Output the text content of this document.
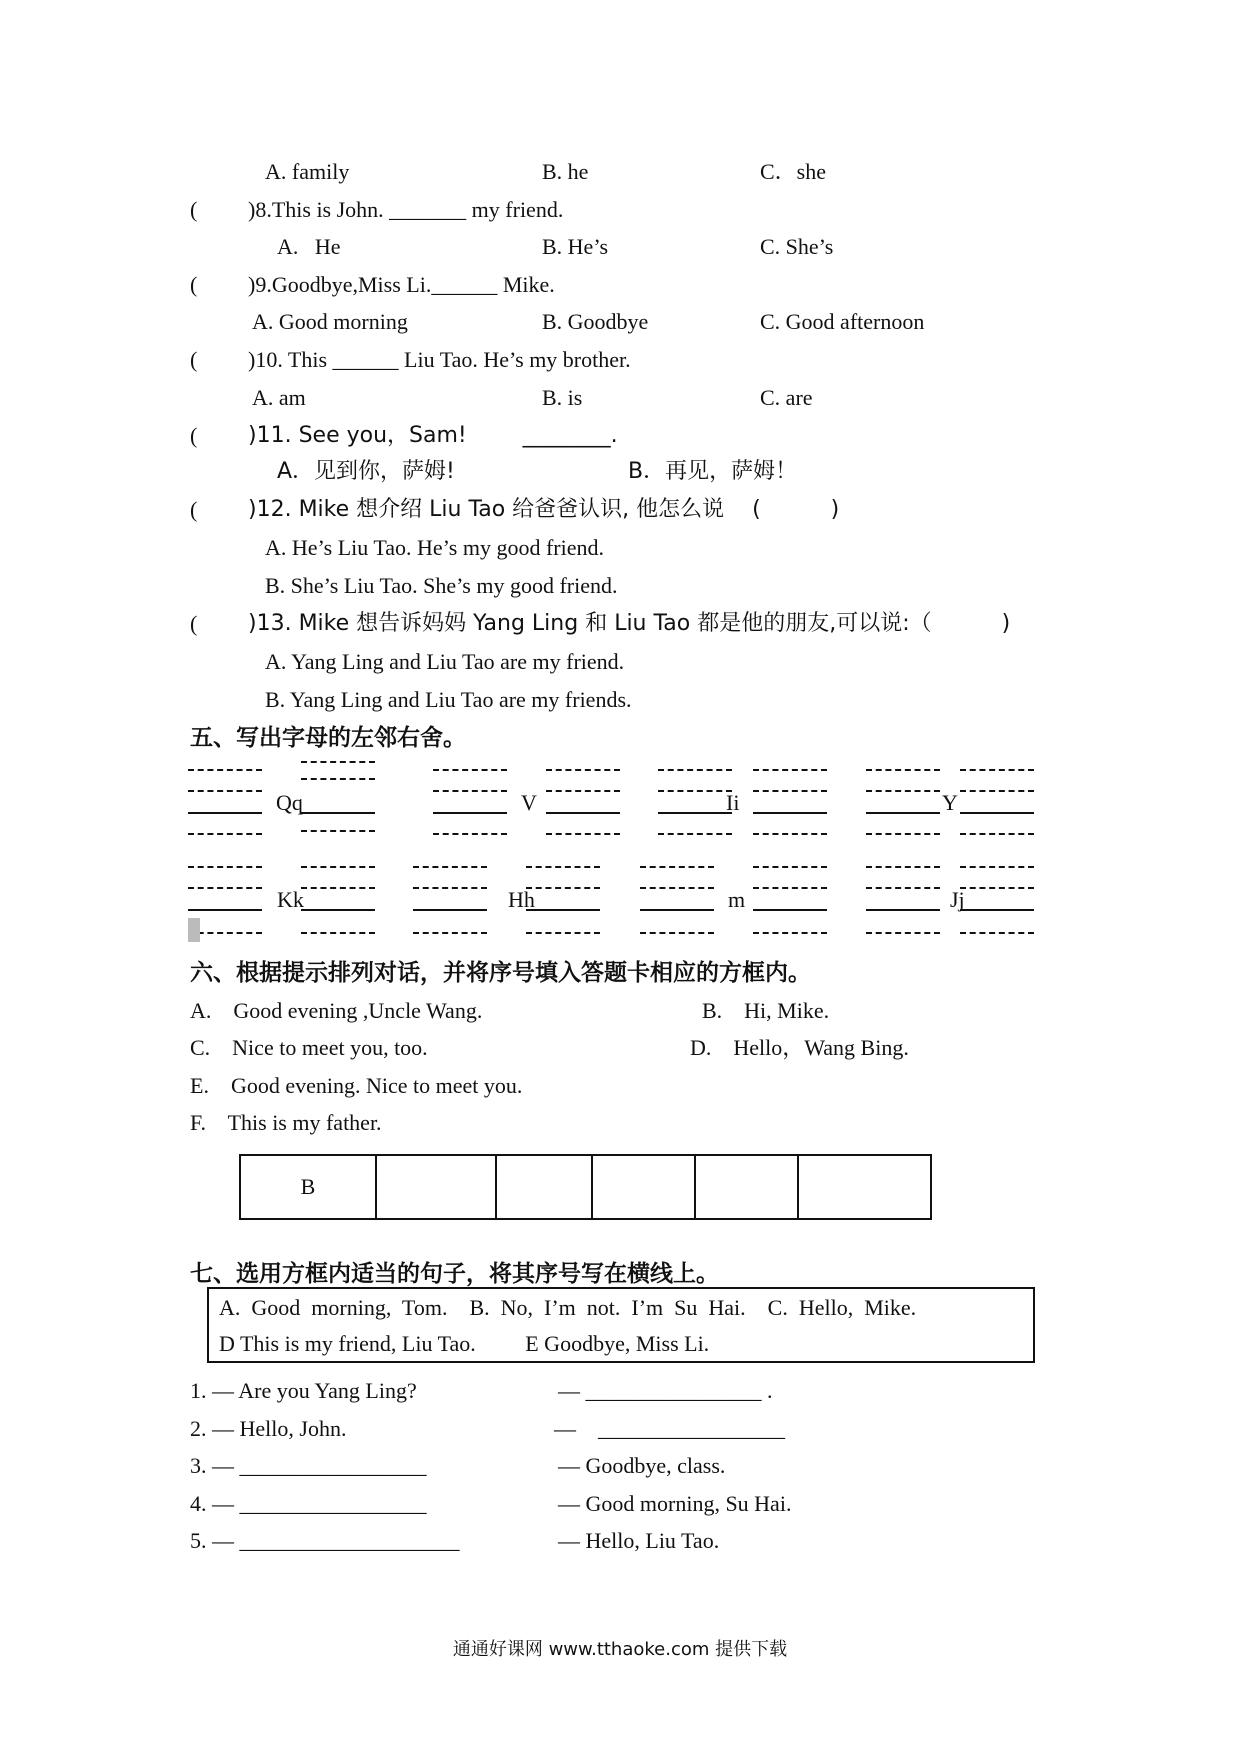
A. family	B. he	C．she
( )8.This is John. _______ my friend.
A.   He	B. He’s	C. She’s
( )9.Goodbye,Miss Li.______ Mike.
A. Good morning	B. Goodbye	C. Good afternoon
( )10. This ______ Liu Tao. He’s my brother.
A. am	B. is	C. are
( )11. See you，Sam!        ________.
A．见到你，萨姆!	B．再见，萨姆！
( )12. Mike 想介绍 Liu Tao 给爸爸认识, 他怎么说    (          )
A. He’s Liu Tao. He’s my good friend.
B. She’s Liu Tao. She’s my good friend.
( )13. Mike 想告诉妈妈 Yang Ling 和 Liu Tao 都是他的朋友,可以说:（          )
A. Yang Ling and Liu Tao are my friend.
B. Yang Ling and Liu Tao are my friends.
五、写出字母的左邻右舍。
Qq	V	Ii	Y
Kk	Hh	m	Jj
六、根据提示排列对话，并将序号填入答题卡相应的方框内。
A.    Good evening ,Uncle Wang.	B.    Hi, Mike.
C.    Nice to meet you, too.	D.    Hello，Wang Bing.
E.    Good evening. Nice to meet you.
F.    This is my father.
B					
七、选用方框内适当的句子，将其序号写在横线上。
A.  Good  morning,  Tom.    B.  No,  I’m  not.  I’m  Su  Hai.    C.  Hello,  Mike.
D This is my friend, Liu Tao.         E Goodbye, Miss Li.
1. — Are you Yang Ling?	— ________________ .
2. — Hello, John.	—    _________________
3. — _________________	— Goodbye, class.
4. — _________________	— Good morning, Su Hai.
5. — ____________________	— Hello, Liu Tao.
通通好课网 www.tthaoke.com 提供下载
